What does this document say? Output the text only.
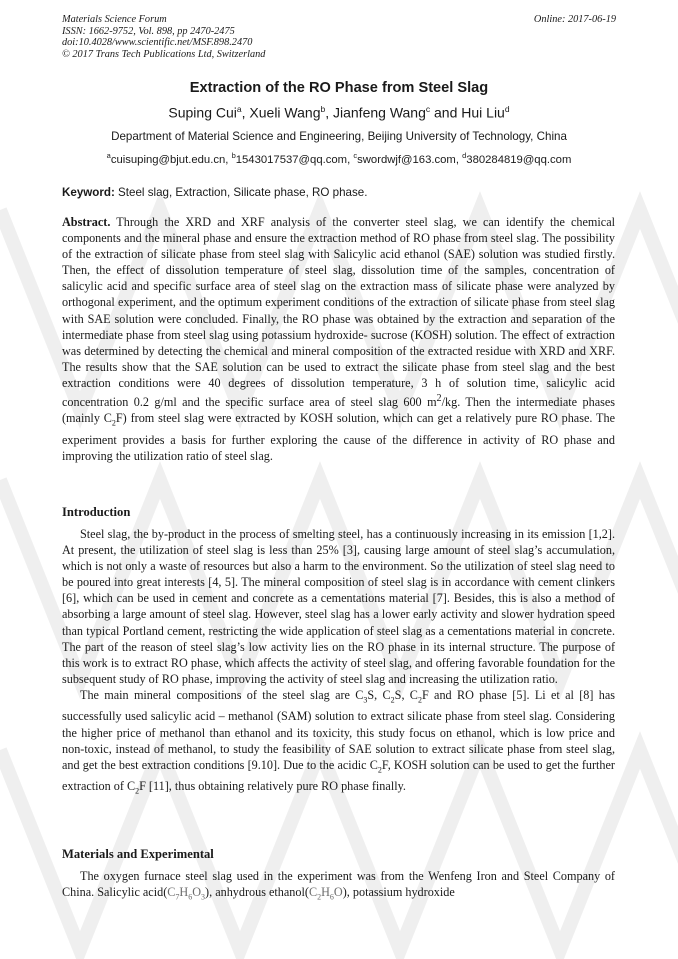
Materials Science Forum
ISSN: 1662-9752, Vol. 898, pp 2470-2475
doi:10.4028/www.scientific.net/MSF.898.2470
© 2017 Trans Tech Publications Ltd, Switzerland
Online: 2017-06-19
Extraction of the RO Phase from Steel Slag
Suping Cui$^a$, Xueli Wang$^b$, Jianfeng Wang$^c$ and Hui Liu$^d$
Department of Material Science and Engineering, Beijing University of Technology, China
$^a$cuisuping@bjut.edu.cn, $^b$1543017537@qq.com, $^c$swordwjf@163.com, $^d$380284819@qq.com
Keyword: Steel slag, Extraction, Silicate phase, RO phase.

Abstract. Through the XRD and XRF analysis of the converter steel slag, we can identify the chemical components and the mineral phase and ensure the extraction method of RO phase from steel slag. The possibility of the extraction of silicate phase from steel slag with Salicylic acid ethanol (SAE) solution was studied firstly. Then, the effect of dissolution temperature of steel slag, dissolution time of the samples, concentration of salicylic acid and specific surface area of steel slag on the extraction mass of silicate phase were analyzed by orthogonal experiment, and the optimum experiment conditions of the extraction of silicate phase from steel slag with SAE solution were concluded. Finally, the RO phase was obtained by the extraction and separation of the intermediate phase from steel slag using potassium hydroxide- sucrose (KOSH) solution. The effect of extraction was determined by detecting the chemical and mineral composition of the extracted residue with XRD and XRF. The results show that the SAE solution can be used to extract the silicate phase from steel slag and the best extraction conditions were 40 degrees of dissolution temperature, 3 h of solution time, salicylic acid concentration 0.2 g/ml and the specific surface area of steel slag 600 $m^2/kg$. Then the intermediate phases (mainly $C_2F$) from steel slag were extracted by KOSH solution, which can get a relatively pure RO phase. The experiment provides a basis for further exploring the cause of the difference in activity of RO phase and improving the utilization ratio of steel slag.

Introduction

Steel slag, the by-product in the process of smelting steel, has a continuously increasing in its emission [1,2]. At present, the utilization of steel slag is less than 25% [3], causing large amount of steel slag’s accumulation, which is not only a waste of resources but also a harm to the environment. So the utilization of steel slag need to be poured into great interests [4, 5]. The mineral composition of steel slag is in accordance with cement clinkers [6], which can be used in cement and concrete as a cementations material [7]. Besides, this is also a method of absorbing a large amount of steel slag. However, steel slag has a lower early activity and slower hydration speed than typical Portland cement, restricting the wide application of steel slag as a cementations material in concrete. The part of the reason of steel slag’s low activity lies on the RO phase in its internal structure. The purpose of this work is to extract RO phase, which affects the activity of steel slag, and offering favorable foundation for the subsequent study of RO phase, improving the activity of steel slag and increasing the utilization ratio.

The main mineral compositions of the steel slag are $C_3S$, $C_2S$, $C_2F$ and RO phase [5]. Li et al [8] has successfully used salicylic acid – methanol (SAM) solution to extract silicate phase from steel slag. Considering the higher price of methanol than ethanol and its toxicity, this study focus on ethanol, which is low price and non-toxic, instead of methanol, to study the feasibility of SAE solution to extract silicate phase from steel slag, and get the best extraction conditions [9.10]. Due to the acidic $C_2F$, KOSH solution can be used to get the further extraction of $C_2F$ [11], thus obtaining relatively pure RO phase finally.

Materials and Experimental

The oxygen furnace steel slag used in the experiment was from the Wenfeng Iron and Steel Company of China. Salicylic $acid(C_7H_6O_3)$, anhydrous $ethanol(C_2H_6O)$, potassium hydroxide
